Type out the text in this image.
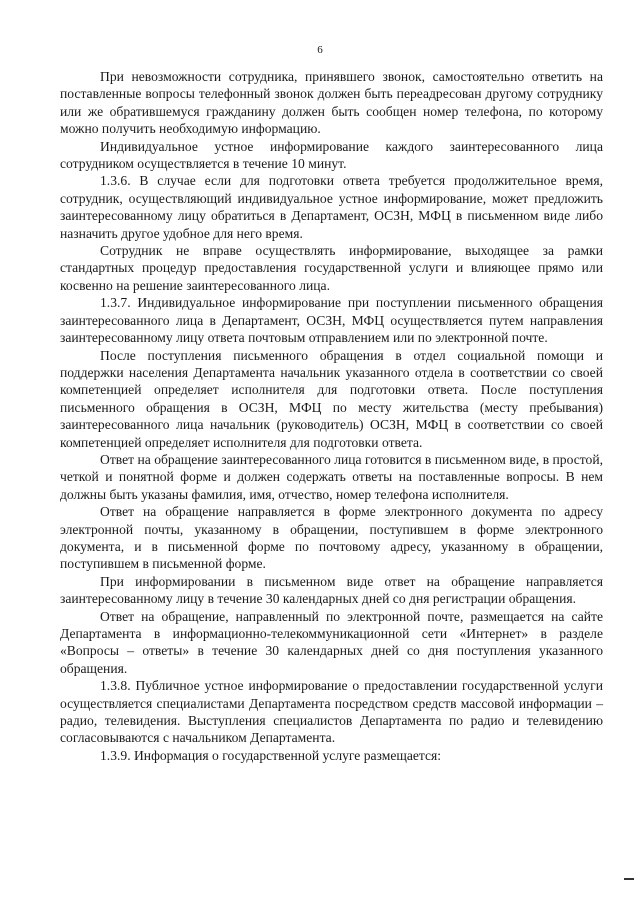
6

При невозможности сотрудника, принявшего звонок, самостоятельно ответить на поставленные вопросы телефонный звонок должен быть переадресован другому сотруднику или же обратившемуся гражданину должен быть сообщен номер телефона, по которому можно получить необходимую информацию.

Индивидуальное устное информирование каждого заинтересованного лица сотрудником осуществляется в течение 10 минут.

1.3.6. В случае если для подготовки ответа требуется продолжительное время, сотрудник, осуществляющий индивидуальное устное информирование, может предложить заинтересованному лицу обратиться в Департамент, ОСЗН, МФЦ в письменном виде либо назначить другое удобное для него время.

Сотрудник не вправе осуществлять информирование, выходящее за рамки стандартных процедур предоставления государственной услуги и влияющее прямо или косвенно на решение заинтересованного лица.

1.3.7. Индивидуальное информирование при поступлении письменного обращения заинтересованного лица в Департамент, ОСЗН, МФЦ осуществляется путем направления заинтересованному лицу ответа почтовым отправлением или по электронной почте.

После поступления письменного обращения в отдел социальной помощи и поддержки населения Департамента начальник указанного отдела в соответствии со своей компетенцией определяет исполнителя для подготовки ответа. После поступления письменного обращения в ОСЗН, МФЦ по месту жительства (месту пребывания) заинтересованного лица начальник (руководитель) ОСЗН, МФЦ в соответствии со своей компетенцией определяет исполнителя для подготовки ответа.

Ответ на обращение заинтересованного лица готовится в письменном виде, в простой, четкой и понятной форме и должен содержать ответы на поставленные вопросы. В нем должны быть указаны фамилия, имя, отчество, номер телефона исполнителя.

Ответ на обращение направляется в форме электронного документа по адресу электронной почты, указанному в обращении, поступившем в форме электронного документа, и в письменной форме по почтовому адресу, указанному в обращении, поступившем в письменной форме.

При информировании в письменном виде ответ на обращение направляется заинтересованному лицу в течение 30 календарных дней со дня регистрации обращения.

Ответ на обращение, направленный по электронной почте, размещается на сайте Департамента в информационно-телекоммуникационной сети «Интернет» в разделе «Вопросы – ответы» в течение 30 календарных дней со дня поступления указанного обращения.

1.3.8. Публичное устное информирование о предоставлении государственной услуги осуществляется специалистами Департамента посредством средств массовой информации – радио, телевидения. Выступления специалистов Департамента по радио и телевидению согласовываются с начальником Департамента.

1.3.9. Информация о государственной услуге размещается:
